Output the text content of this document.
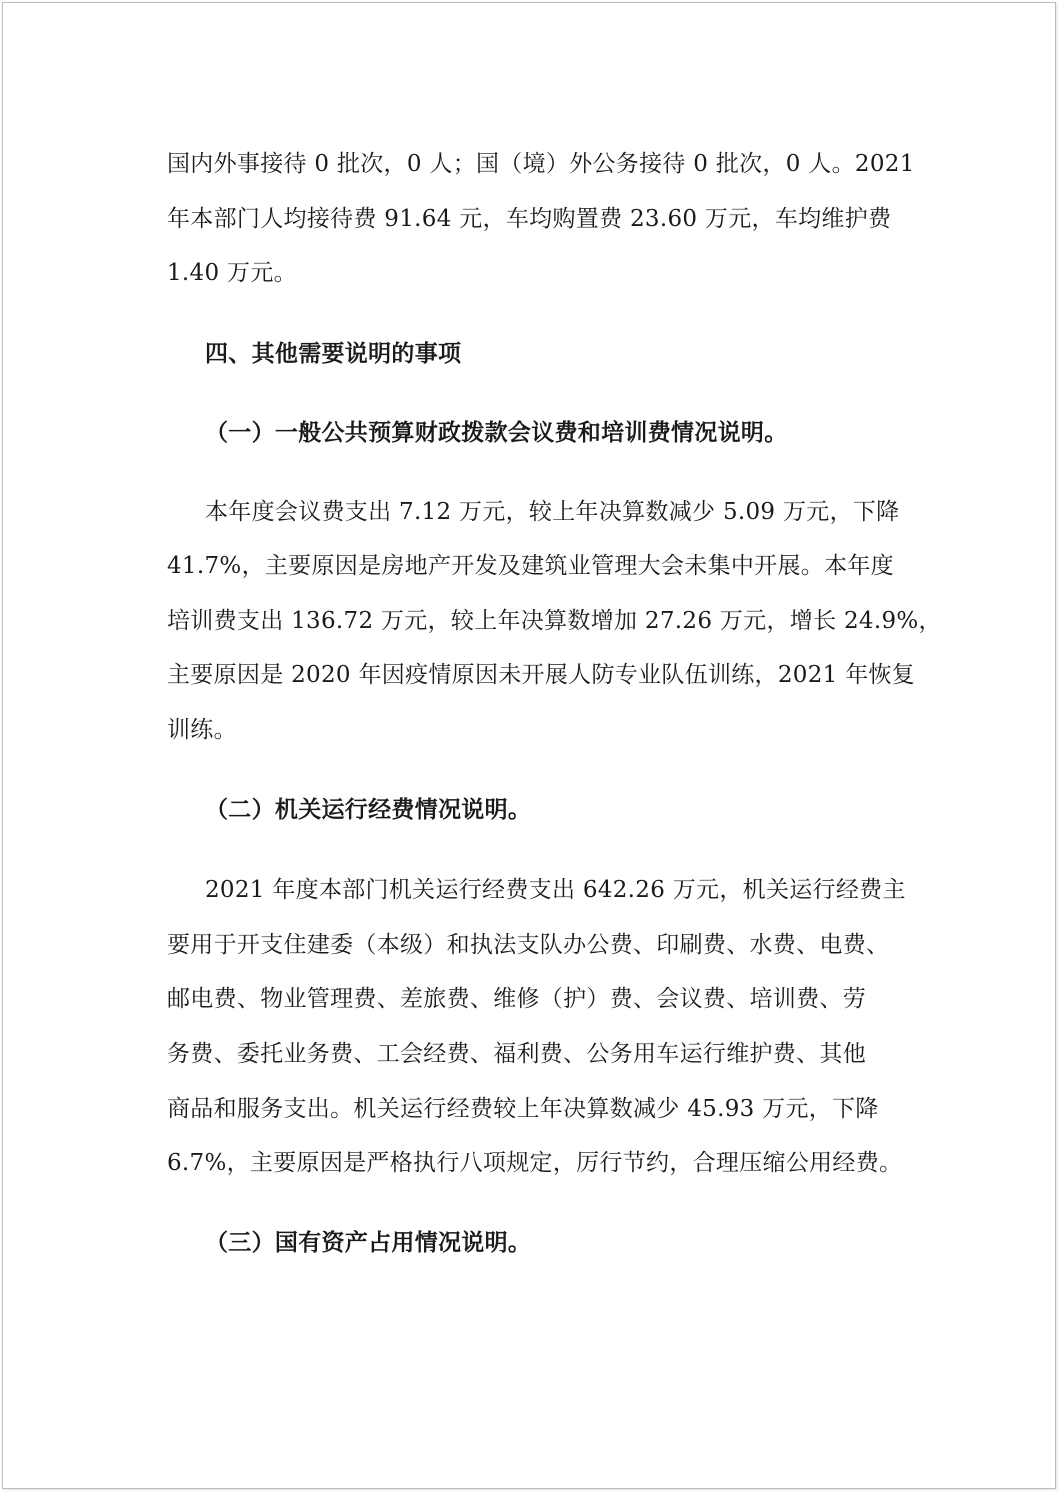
国内外事接待 0 批次，0 人；国（境）外公务接待 0 批次，0 人。2021
年本部门人均接待费 91.64 元，车均购置费 23.60 万元，车均维护费
1.40 万元。
四、其他需要说明的事项
（一）一般公共预算财政拨款会议费和培训费情况说明。
本年度会议费支出 7.12 万元，较上年决算数减少 5.09 万元，下降
41.7%，主要原因是房地产开发及建筑业管理大会未集中开展。本年度
培训费支出 136.72 万元，较上年决算数增加 27.26 万元，增长 24.9%，
主要原因是 2020 年因疫情原因未开展人防专业队伍训练，2021 年恢复
训练。
（二）机关运行经费情况说明。
2021 年度本部门机关运行经费支出 642.26 万元，机关运行经费主
要用于开支住建委（本级）和执法支队办公费、印刷费、水费、电费、
邮电费、物业管理费、差旅费、维修（护）费、会议费、培训费、劳
务费、委托业务费、工会经费、福利费、公务用车运行维护费、其他
商品和服务支出。机关运行经费较上年决算数减少 45.93 万元，下降
6.7%，主要原因是严格执行八项规定，厉行节约，合理压缩公用经费。
（三）国有资产占用情况说明。
